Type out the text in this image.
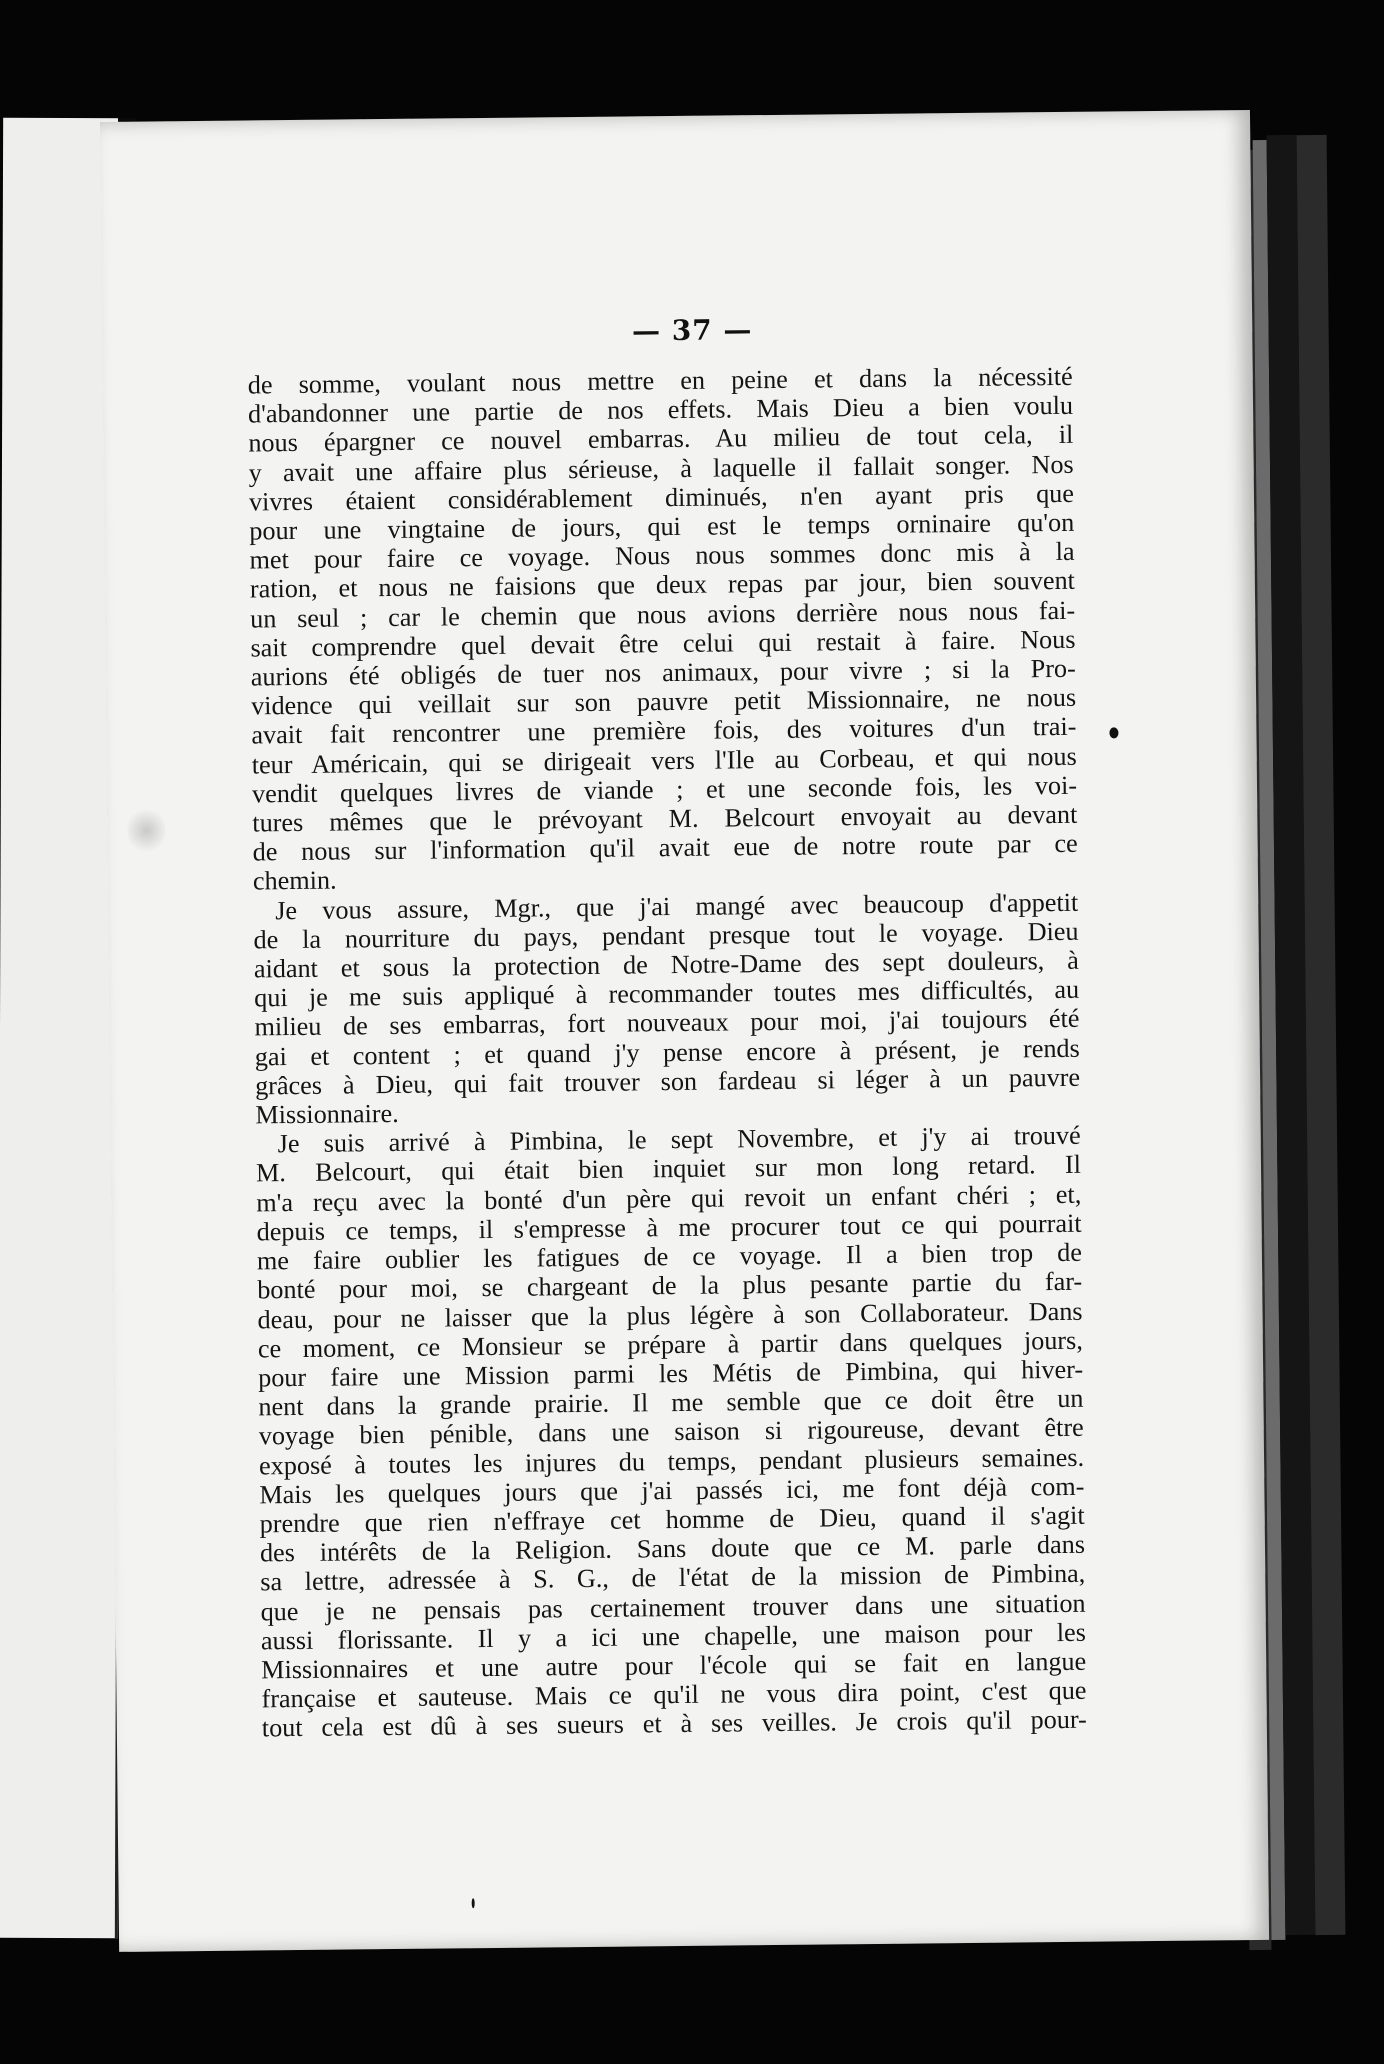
— 37 —
de somme, voulant nous mettre en peine et dans la nécessité
d'abandonner une partie de nos effets. Mais Dieu a bien voulu
nous épargner ce nouvel embarras. Au milieu de tout cela, il
y avait une affaire plus sérieuse, à laquelle il fallait songer. Nos
vivres étaient considérablement diminués, n'en ayant pris que
pour une vingtaine de jours, qui est le temps orninaire qu'on
met pour faire ce voyage. Nous nous sommes donc mis à la
ration, et nous ne faisions que deux repas par jour, bien souvent
un seul ; car le chemin que nous avions derrière nous nous fai-
sait comprendre quel devait être celui qui restait à faire. Nous
aurions été obligés de tuer nos animaux, pour vivre ; si la Pro-
vidence qui veillait sur son pauvre petit Missionnaire, ne nous
avait fait rencontrer une première fois, des voitures d'un trai-
teur Américain, qui se dirigeait vers l'Ile au Corbeau, et qui nous
vendit quelques livres de viande ; et une seconde fois, les voi-
tures mêmes que le prévoyant M. Belcourt envoyait au devant
de nous sur l'information qu'il avait eue de notre route par ce
chemin.
Je vous assure, Mgr., que j'ai mangé avec beaucoup d'appetit
de la nourriture du pays, pendant presque tout le voyage. Dieu
aidant et sous la protection de Notre-Dame des sept douleurs, à
qui je me suis appliqué à recommander toutes mes difficultés, au
milieu de ses embarras, fort nouveaux pour moi, j'ai toujours été
gai et content ; et quand j'y pense encore à présent, je rends
grâces à Dieu, qui fait trouver son fardeau si léger à un pauvre
Missionnaire.
Je suis arrivé à Pimbina, le sept Novembre, et j'y ai trouvé
M. Belcourt, qui était bien inquiet sur mon long retard. Il
m'a reçu avec la bonté d'un père qui revoit un enfant chéri ; et,
depuis ce temps, il s'empresse à me procurer tout ce qui pourrait
me faire oublier les fatigues de ce voyage. Il a bien trop de
bonté pour moi, se chargeant de la plus pesante partie du far-
deau, pour ne laisser que la plus légère à son Collaborateur. Dans
ce moment, ce Monsieur se prépare à partir dans quelques jours,
pour faire une Mission parmi les Métis de Pimbina, qui hiver-
nent dans la grande prairie. Il me semble que ce doit être un
voyage bien pénible, dans une saison si rigoureuse, devant être
exposé à toutes les injures du temps, pendant plusieurs semaines.
Mais les quelques jours que j'ai passés ici, me font déjà com-
prendre que rien n'effraye cet homme de Dieu, quand il s'agit
des intérêts de la Religion. Sans doute que ce M. parle dans
sa lettre, adressée à S. G., de l'état de la mission de Pimbina,
que je ne pensais pas certainement trouver dans une situation
aussi florissante. Il y a ici une chapelle, une maison pour les
Missionnaires et une autre pour l'école qui se fait en langue
française et sauteuse. Mais ce qu'il ne vous dira point, c'est que
tout cela est dû à ses sueurs et à ses veilles. Je crois qu'il pour-
